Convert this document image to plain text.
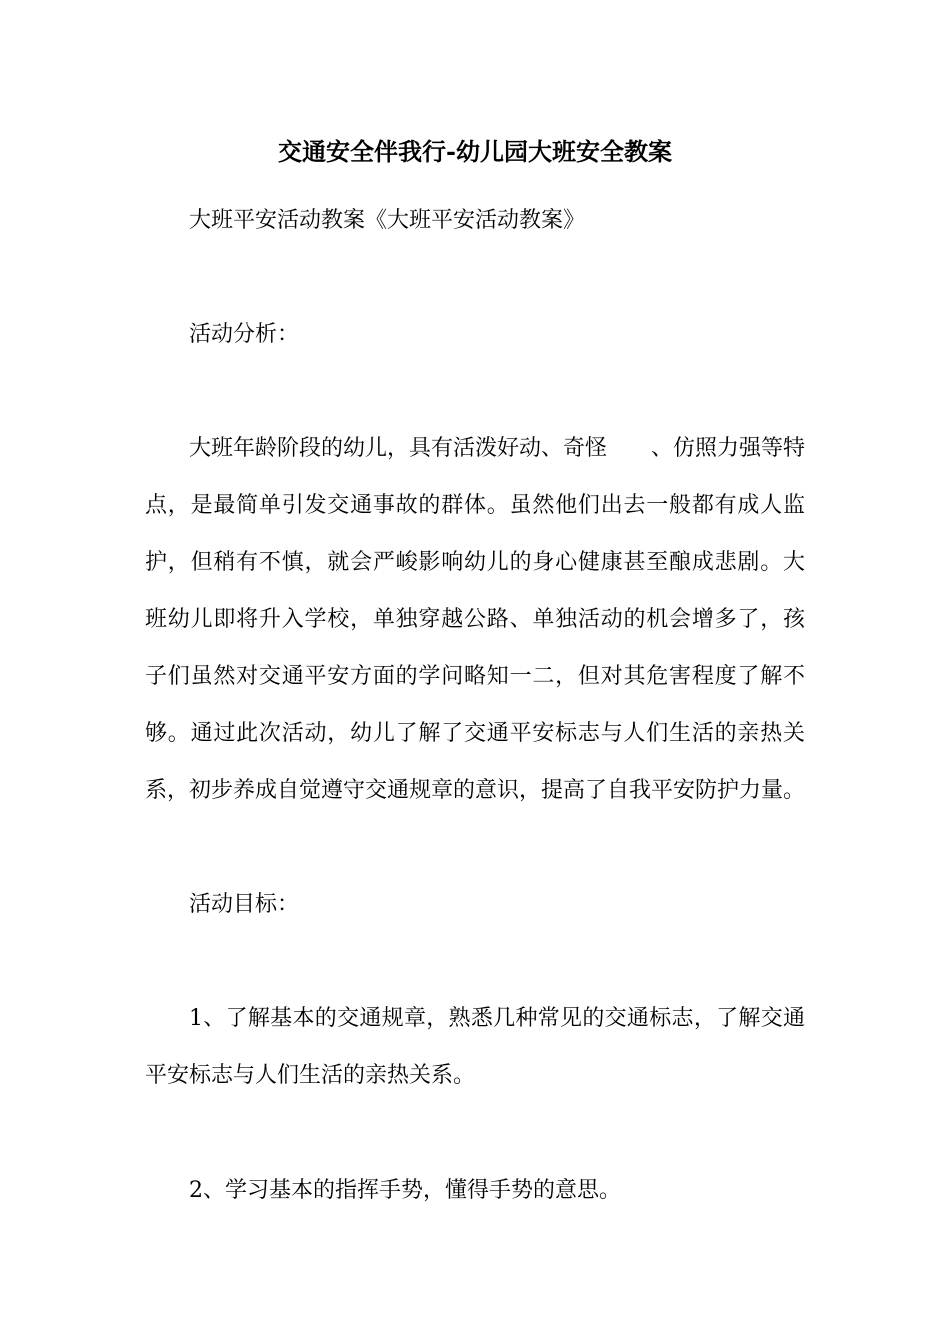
交通安全伴我行-幼儿园大班安全教案

大班平安活动教案《大班平安活动教案》

活动分析：

大班年龄阶段的幼儿，具有活泼好动、奇怪　　、仿照力强等特
点，是最简单引发交通事故的群体。虽然他们出去一般都有成人监
护，但稍有不慎，就会严峻影响幼儿的身心健康甚至酿成悲剧。大
班幼儿即将升入学校，单独穿越公路、单独活动的机会增多了，孩
子们虽然对交通平安方面的学问略知一二，但对其危害程度了解不
够。通过此次活动，幼儿了解了交通平安标志与人们生活的亲热关
系，初步养成自觉遵守交通规章的意识，提高了自我平安防护力量。

活动目标：

1、了解基本的交通规章，熟悉几种常见的交通标志，了解交通
平安标志与人们生活的亲热关系。

2、学习基本的指挥手势，懂得手势的意思。
